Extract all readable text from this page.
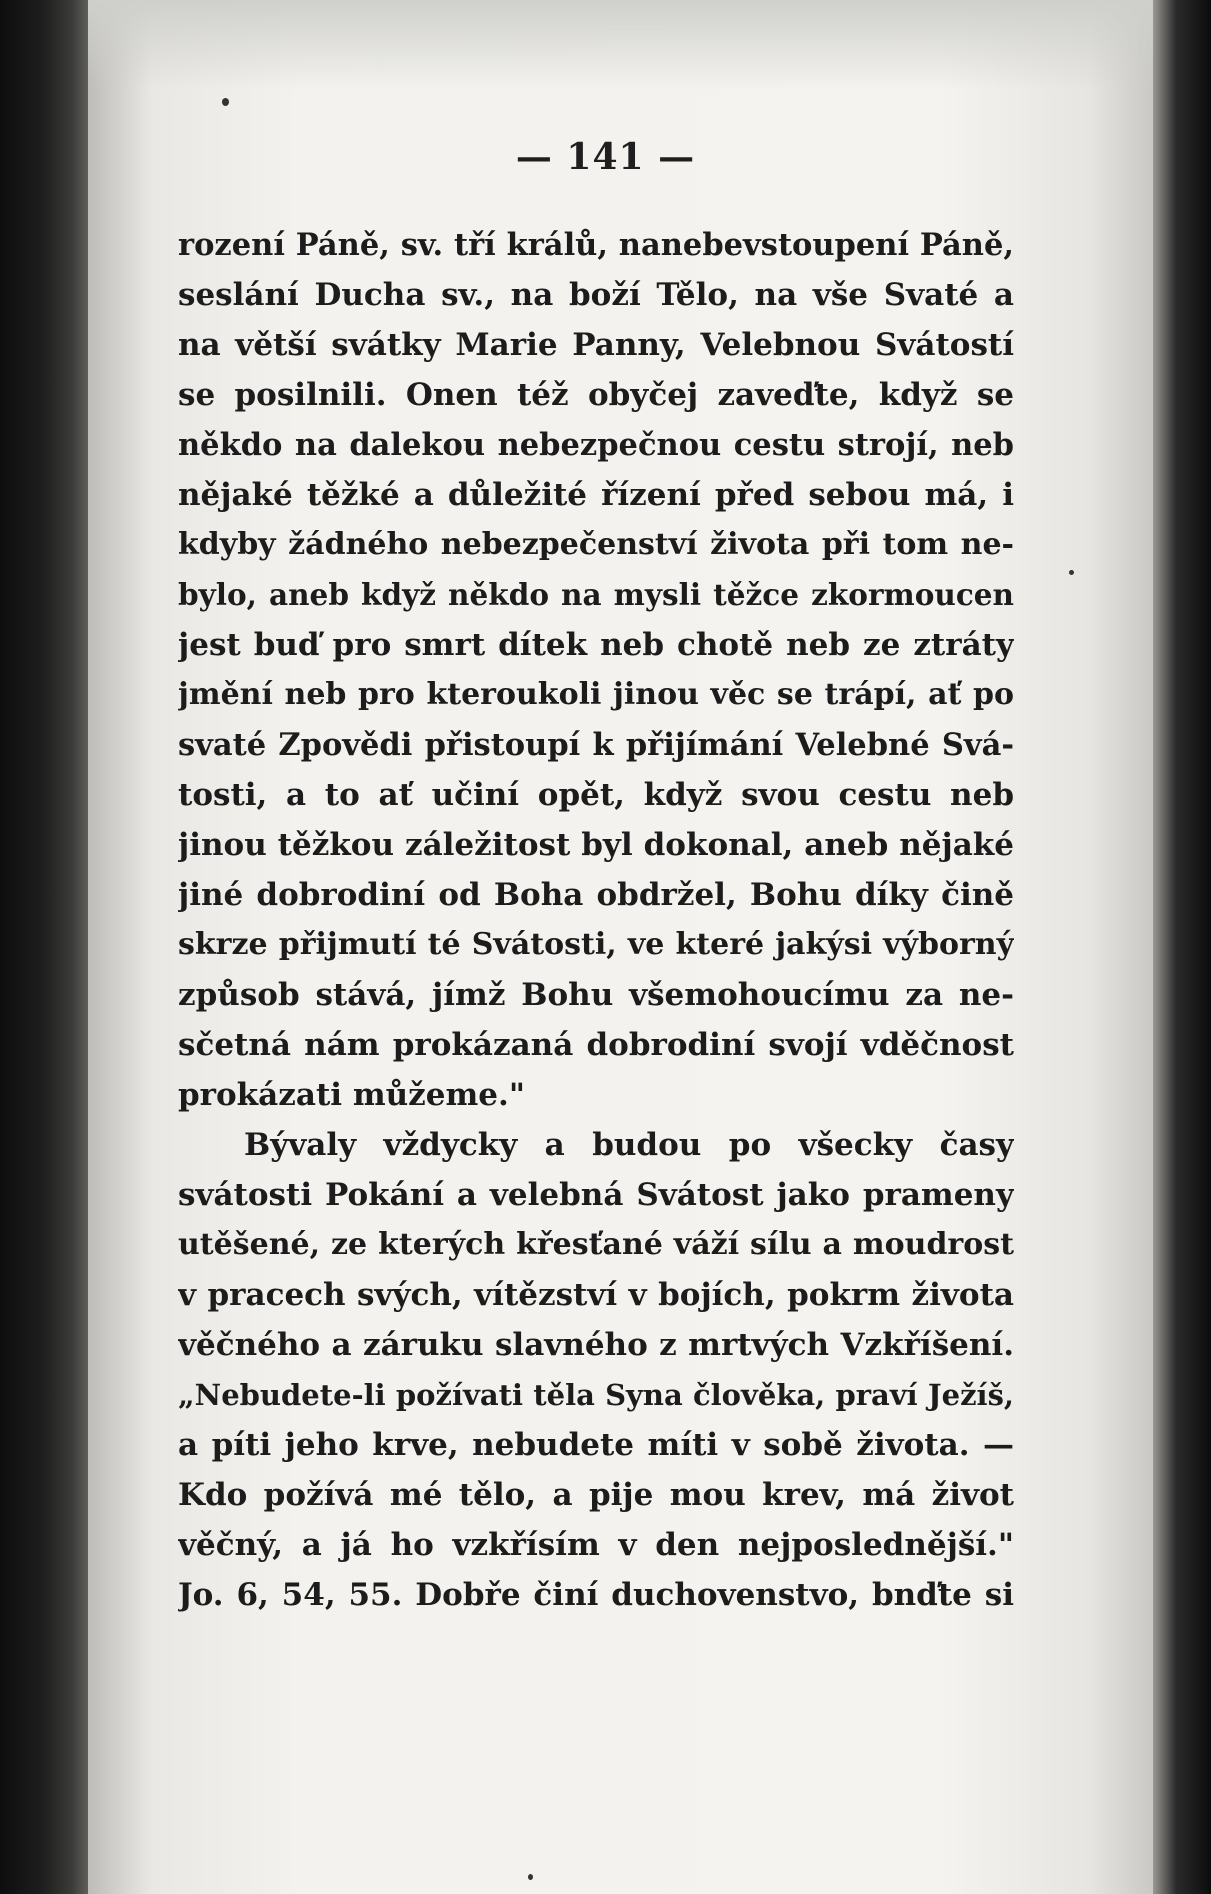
— 141 —
rození Páně, sv. tří králů, nanebevstoupení Páně,
seslání Ducha sv., na boží Tělo, na vše Svaté a
na větší svátky Marie Panny, Velebnou Svátostí
se posilnili. Onen též obyčej zaveďte, když se
někdo na dalekou nebezpečnou cestu strojí, neb
nějaké těžké a důležité řízení před sebou má, i
kdyby žádného nebezpečenství života při tom ne-
bylo, aneb když někdo na mysli těžce zkormoucen
jest buď pro smrt dítek neb chotě neb ze ztráty
jmění neb pro kteroukoli jinou věc se trápí, ať po
svaté Zpovědi přistoupí k přijímání Velebné Svá-
tosti, a to ať učiní opět, když svou cestu neb
jinou těžkou záležitost byl dokonal, aneb nějaké
jiné dobrodiní od Boha obdržel, Bohu díky čině
skrze přijmutí té Svátosti, ve které jakýsi výborný
způsob stává, jímž Bohu všemohoucímu za ne-
sčetná nám prokázaná dobrodiní svojí vděčnost
prokázati můžeme."
Bývaly vždycky a budou po všecky časy
svátosti Pokání a velebná Svátost jako prameny
utěšené, ze kterých křesťané váží sílu a moudrost
v pracech svých, vítězství v bojích, pokrm života
věčného a záruku slavného z mrtvých Vzkříšení.
„Nebudete-li požívati těla Syna člověka, praví Ježíš,
a píti jeho krve, nebudete míti v sobě života. —
Kdo požívá mé tělo, a pije mou krev, má život
věčný, a já ho vzkřísím v den nejposlednější."
Jo. 6, 54, 55. Dobře činí duchovenstvo, bnďte si
